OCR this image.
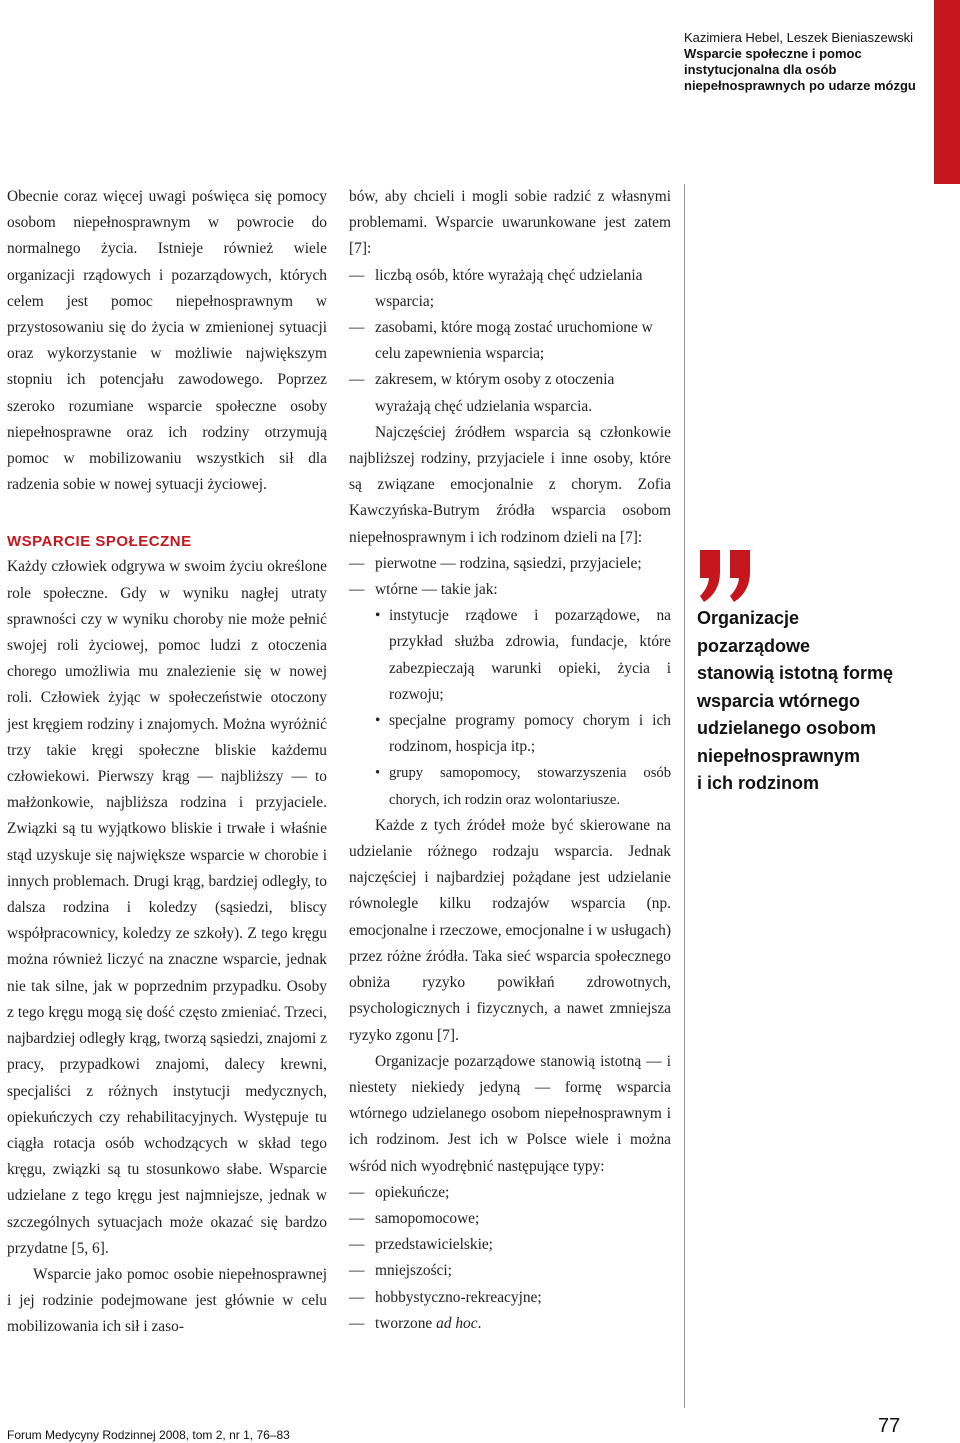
Kazimiera Hebel, Leszek Bieniaszewski
Wsparcie społeczne i pomoc
instytucjonalna dla osób
niepełnosprawnych po udarze mózgu

Obecnie coraz więcej uwagi poświęca się pomocy osobom niepełnosprawnym w powrocie do normalnego życia. Istnieje również wiele organizacji rządowych i pozarządowych, których celem jest pomoc niepełnosprawnym w przystosowaniu się do życia w zmienionej sytuacji oraz wykorzystanie w możliwie największym stopniu ich potencjału zawodowego. Poprzez szeroko rozumiane wsparcie społeczne osoby niepełnosprawne oraz ich rodziny otrzymują pomoc w mobilizowaniu wszystkich sił dla radzenia sobie w nowej sytuacji życiowej.

WSPARCIE SPOŁECZNE

Każdy człowiek odgrywa w swoim życiu określone role społeczne. Gdy w wyniku nagłej utraty sprawności czy w wyniku choroby nie może pełnić swojej roli życiowej, pomoc ludzi z otoczenia chorego umożliwia mu znalezienie się w nowej roli. Człowiek żyjąc w społeczeństwie otoczony jest kręgiem rodziny i znajomych. Można wyróżnić trzy takie kręgi społeczne bliskie każdemu człowiekowi. Pierwszy krąg — najbliższy — to małżonkowie, najbliższa rodzina i przyjaciele. Związki są tu wyjątkowo bliskie i trwałe i właśnie stąd uzyskuje się największe wsparcie w chorobie i innych problemach. Drugi krąg, bardziej odległy, to dalsza rodzina i koledzy (sąsiedzi, bliscy współpracownicy, koledzy ze szkoły). Z tego kręgu można również liczyć na znaczne wsparcie, jednak nie tak silne, jak w poprzednim przypadku. Osoby z tego kręgu mogą się dość często zmieniać. Trzeci, najbardziej odległy krąg, tworzą sąsiedzi, znajomi z pracy, przypadkowi znajomi, dalecy krewni, specjaliści z różnych instytucji medycznych, opiekuńczych czy rehabilitacyjnych. Występuje tu ciągła rotacja osób wchodzących w skład tego kręgu, związki są tu stosunkowo słabe. Wsparcie udzielane z tego kręgu jest najmniejsze, jednak w szczególnych sytuacjach może okazać się bardzo przydatne [5, 6].

Wsparcie jako pomoc osobie niepełnosprawnej i jej rodzinie podejmowane jest głównie w celu mobilizowania ich sił i zaso-

bów, aby chcieli i mogli sobie radzić z własnymi problemami. Wsparcie uwarunkowane jest zatem [7]:

— liczbą osób, które wyrażają chęć udzielania wsparcia;
— zasobami, które mogą zostać uruchomione w celu zapewnienia wsparcia;
— zakresem, w którym osoby z otoczenia wyrażają chęć udzielania wsparcia.

Najczęściej źródłem wsparcia są członkowie najbliższej rodziny, przyjaciele i inne osoby, które są związane emocjonalnie z chorym. Zofia Kawczyńska-Butrym źródła wsparcia osobom niepełnosprawnym i ich rodzinom dzieli na [7]:

— pierwotne — rodzina, sąsiedzi, przyjaciele;
— wtórne — takie jak:
• instytucje rządowe i pozarządowe, na przykład służba zdrowia, fundacje, które zabezpieczają warunki opieki, życia i rozwoju;
• specjalne programy pomocy chorym i ich rodzinom, hospicja itp.;
• grupy samopomocy, stowarzyszenia osób chorych, ich rodzin oraz wolontariusze.

Każde z tych źródeł może być skierowane na udzielanie różnego rodzaju wsparcia. Jednak najczęściej i najbardziej pożądane jest udzielanie równolegle kilku rodzajów wsparcia (np. emocjonalne i rzeczowe, emocjonalne i w usługach) przez różne źródła. Taka sieć wsparcia społecznego obniża ryzyko powikłań zdrowotnych, psychologicznych i fizycznych, a nawet zmniejsza ryzyko zgonu [7].

Organizacje pozarządowe stanowią istotną — i niestety niekiedy jedyną — formę wsparcia wtórnego udzielanego osobom niepełnosprawnym i ich rodzinom. Jest ich w Polsce wiele i można wśród nich wyodrębnić następujące typy:

— opiekuńcze;
— samopomocowe;
— przedstawicielskie;
— mniejszości;
— hobbystyczno-rekreacyjne;
— tworzone ad hoc.
Organizacje pozarządowe
stanowią istotną formę
wsparcia wtórnego
udzielanego osobom
niepełnosprawnym
i ich rodzinom
Forum Medycyny Rodzinnej 2008, tom 2, nr 1, 76–83	77
